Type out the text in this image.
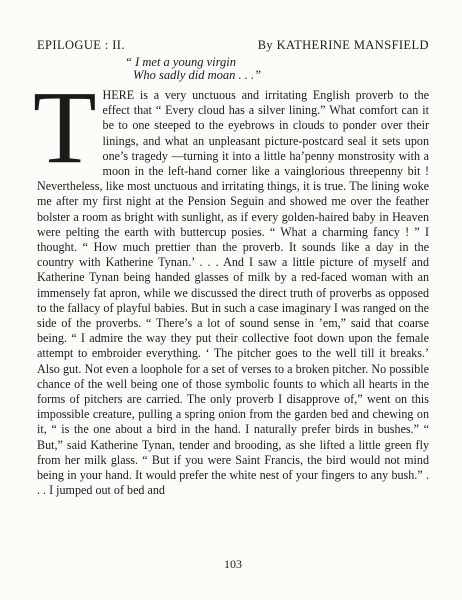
EPILOGUE : II.	By KATHERINE MANSFIELD
“ I met a young virgin
Who sadly did moan . . .”
T HERE is a very unctuous and irritating English proverb to the effect that “ Every cloud has a silver lining.” What comfort can it be to one steeped to the eyebrows in clouds to ponder over their linings, and what an unpleasant picture-postcard seal it sets upon one’s tragedy —turning it into a little ha’penny monstrosity with a moon in the left-hand corner like a vainglorious threepenny bit ! Nevertheless, like most unctuous and irritating things, it is true. The lining woke me after my first night at the Pension Seguin and showed me over the feather bolster a room as bright with sunlight, as if every golden-haired baby in Heaven were pelting the earth with buttercup posies. “ What a charming fancy ! ” I thought. “ How much prettier than the proverb. It sounds like a day in the country with Katherine Tynan.’ . . . And I saw a little picture of myself and Katherine Tynan being handed glasses of milk by a red-faced woman with an immensely fat apron, while we discussed the direct truth of proverbs as opposed to the fallacy of playful babies. But in such a case imaginary I was ranged on the side of the proverbs. “ There’s a lot of sound sense in ’em,” said that coarse being. “ I admire the way they put their collective foot down upon the female attempt to embroider everything. ‘ The pitcher goes to the well till it breaks.’ Also gut. Not even a loophole for a set of verses to a broken pitcher. No possible chance of the well being one of those symbolic founts to which all hearts in the forms of pitchers are carried. The only proverb I disapprove of,” went on this impossible creature, pulling a spring onion from the garden bed and chewing on it, “ is the one about a bird in the hand. I naturally prefer birds in bushes.” “ But,” said Katherine Tynan, tender and brooding, as she lifted a little green fly from her milk glass. “ But if you were Saint Francis, the bird would not mind being in your hand. It would prefer the white nest of your fingers to any bush.” . . . I jumped out of bed and

103
